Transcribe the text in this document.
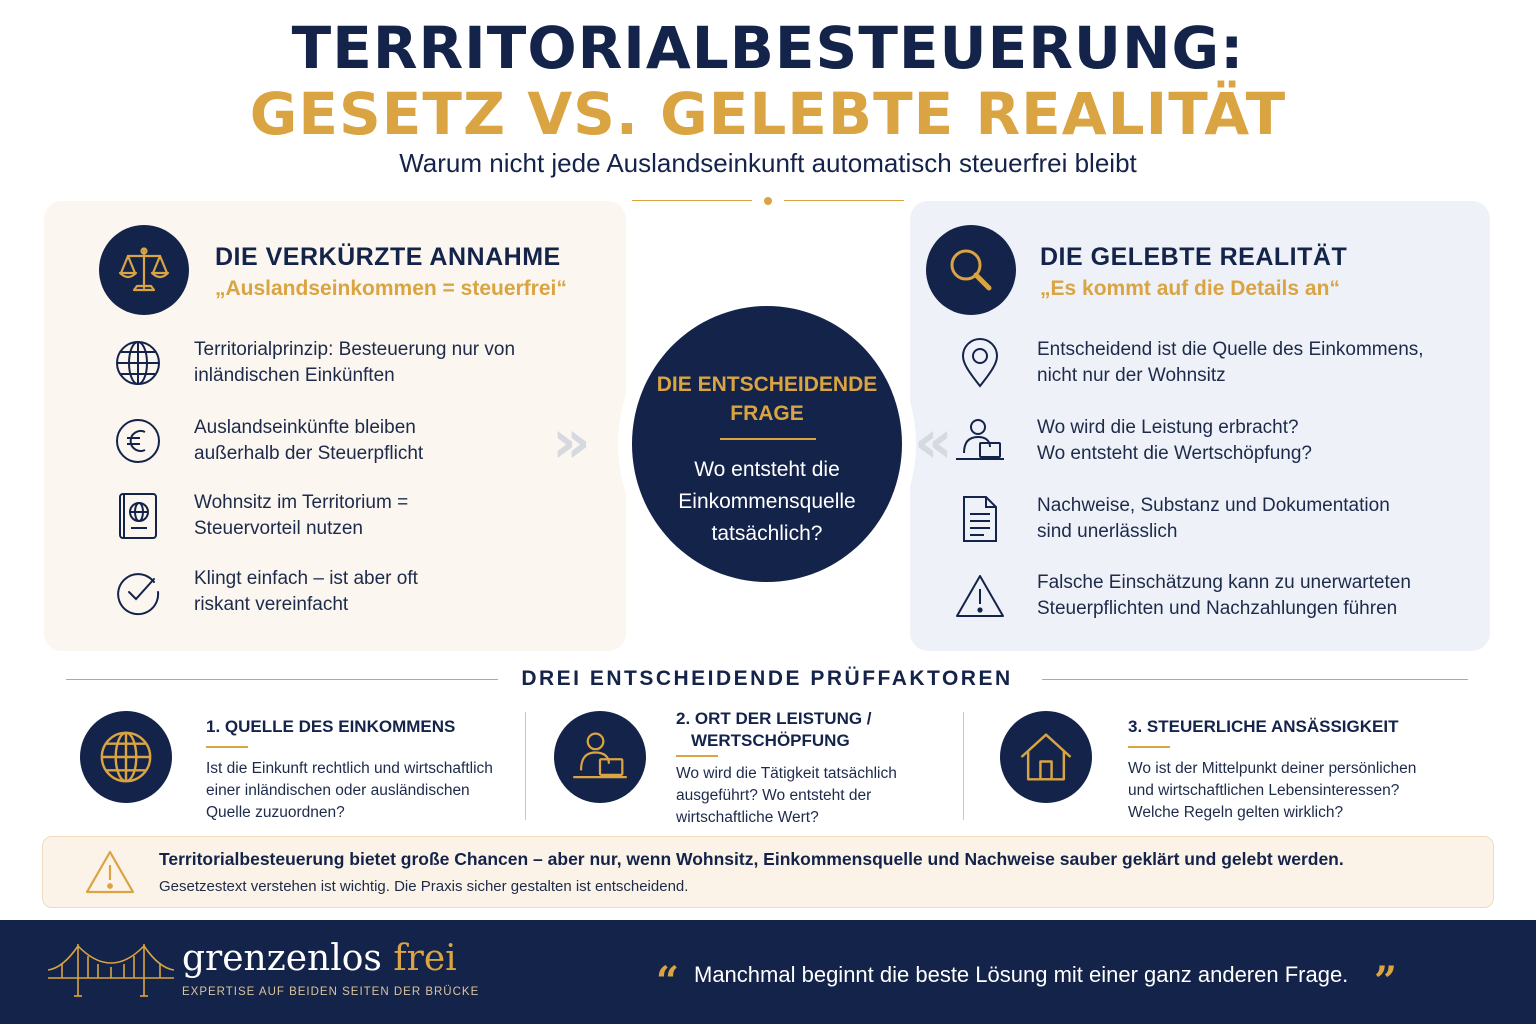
TERRITORIALBESTEUERUNG:
GESETZ VS. GELEBTE REALITÄT
Warum nicht jede Auslandseinkunft automatisch steuerfrei bleibt
DIE VERKÜRZTE ANNAHME
„Auslandseinkommen = steuerfrei“
Territorialprinzip: Besteuerung nur von
inländischen Einkünften
Auslandseinkünfte bleiben
außerhalb der Steuerpflicht
Wohnsitz im Territorium =
Steuervorteil nutzen
Klingt einfach – ist aber oft
riskant vereinfacht
DIE GELEBTE REALITÄT
„Es kommt auf die Details an“
Entscheidend ist die Quelle des Einkommens,
nicht nur der Wohnsitz
Wo wird die Leistung erbracht?
Wo entsteht die Wertschöpfung?
Nachweise, Substanz und Dokumentation
sind unerlässlich
Falsche Einschätzung kann zu unerwarteten
Steuerpflichten und Nachzahlungen führen
»	«
DIE ENTSCHEIDENDE
FRAGE
Wo entsteht die
Einkommensquelle
tatsächlich?
DREI ENTSCHEIDENDE PRÜFFAKTOREN
1. QUELLE DES EINKOMMENS
Ist die Einkunft rechtlich und wirtschaftlich
einer inländischen oder ausländischen
Quelle zuzuordnen?
2. ORT DER LEISTUNG /
WERTSCHÖPFUNG
Wo wird die Tätigkeit tatsächlich
ausgeführt? Wo entsteht der
wirtschaftliche Wert?
3. STEUERLICHE ANSÄSSIGKEIT
Wo ist der Mittelpunkt deiner persönlichen
und wirtschaftlichen Lebensinteressen?
Welche Regeln gelten wirklich?
Territorialbesteuerung bietet große Chancen – aber nur, wenn Wohnsitz, Einkommensquelle und Nachweise sauber geklärt und gelebt werden.
Gesetzestext verstehen ist wichtig. Die Praxis sicher gestalten ist entscheidend.
grenzenlos frei
EXPERTISE AUF BEIDEN SEITEN DER BRÜCKE	“ Manchmal beginnt die beste Lösung mit einer ganz anderen Frage. ”
